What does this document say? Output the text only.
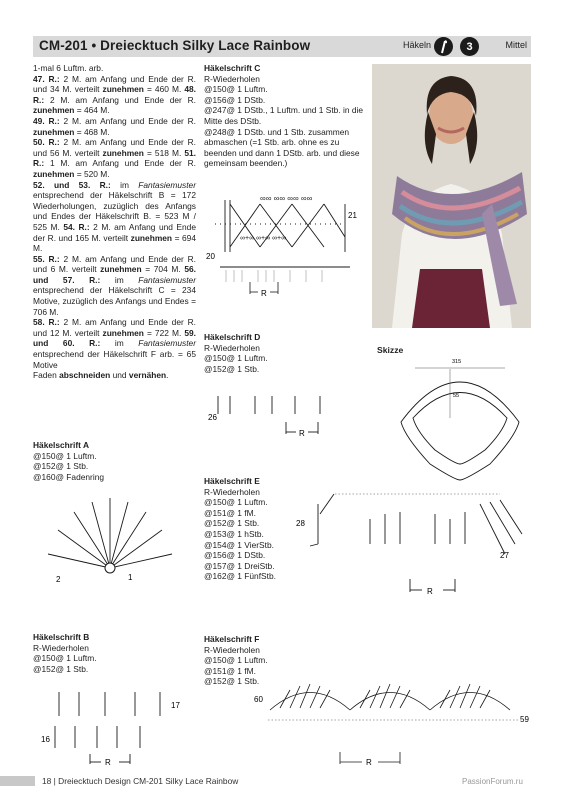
CM-201 • Dreiecktuch Silky Lace Rainbow	Häkeln	3	Mittel
1-mal 6 Luftm. arb.
47. R.: 2 M. am Anfang und Ende der R. und 34 M. verteilt zunehmen = 460 M. 48. R.: 2 M. am Anfang und Ende der R. zunehmen = 464 M.
49. R.: 2 M. am Anfang und Ende der R. zunehmen = 468 M.
50. R.: 2 M. am Anfang und Ende der R. und 56 M. verteilt zunehmen = 518 M. 51. R.: 1 M. am Anfang und Ende der R. zunehmen = 520 M.
52. und 53. R.: im Fantasiemuster entsprechend der Häkelschrift B = 172 Wiederholungen, zuzüglich des Anfangs und Endes der Häkelschrift B. = 523 M / 525 M. 54. R.: 2 M. am Anfang und Ende der R. und 165 M. verteilt zunehmen = 694 M.
55. R.: 2 M. am Anfang und Ende der R. und 6 M. verteilt zunehmen = 704 M. 56. und 57. R.: im Fantasiemuster entsprechend der Häkelschrift C = 234 Motive, zuzüglich des Anfangs und Endes = 706 M.
58. R.: 2 M. am Anfang und Ende der R. und 12 M. verteilt zunehmen = 722 M. 59. und 60. R.: im Fantasiemuster entsprechend der Häkelschrift F arb. = 65 Motive
Faden abschneiden und vernähen.
Häkelschrift C
R-Wiederholen
@150@ 1 Luftm.
@156@ 1 DStb.
@247@ 1 DStb., 1 Luftm. und 1 Stb. in die Mitte des DStb.
@248@ 1 DStb. und 1 Stb. zusammen abmaschen (=1 Stb. arb. ohne es zu beenden und dann 1 DStb. arb. und diese gemeinsam beenden.)
∞∞ ∞∞ ∞∞ ∞∞
∞+∞ ∞+∞ ∞+∞
21
20
R
Häkelschrift D
R-Wiederholen
@150@ 1 Luftm.
@152@ 1 Stb.
26
R
Skizze
315
55
Häkelschrift A
@150@ 1 Luftm.
@152@ 1 Stb.
@160@ Fadenring
2	1
Häkelschrift E
R-Wiederholen
@150@ 1 Luftm.
@151@ 1 fM.
@152@ 1 Stb.
@153@ 1 hStb.
@154@ 1 VierStb.
@156@ 1 DStb.
@157@ 1 DreiStb.
@162@ 1 FünfStb.
28
27
R
Häkelschrift B
R-Wiederholen
@150@ 1 Luftm.
@152@ 1 Stb.
17
16
R
Häkelschrift F
R-Wiederholen
@150@ 1 Luftm.
@151@ 1 fM.
@152@ 1 Stb.
60
59
R
18 | Dreiecktuch Design CM-201 Silky Lace Rainbow	PassionForum.ru
